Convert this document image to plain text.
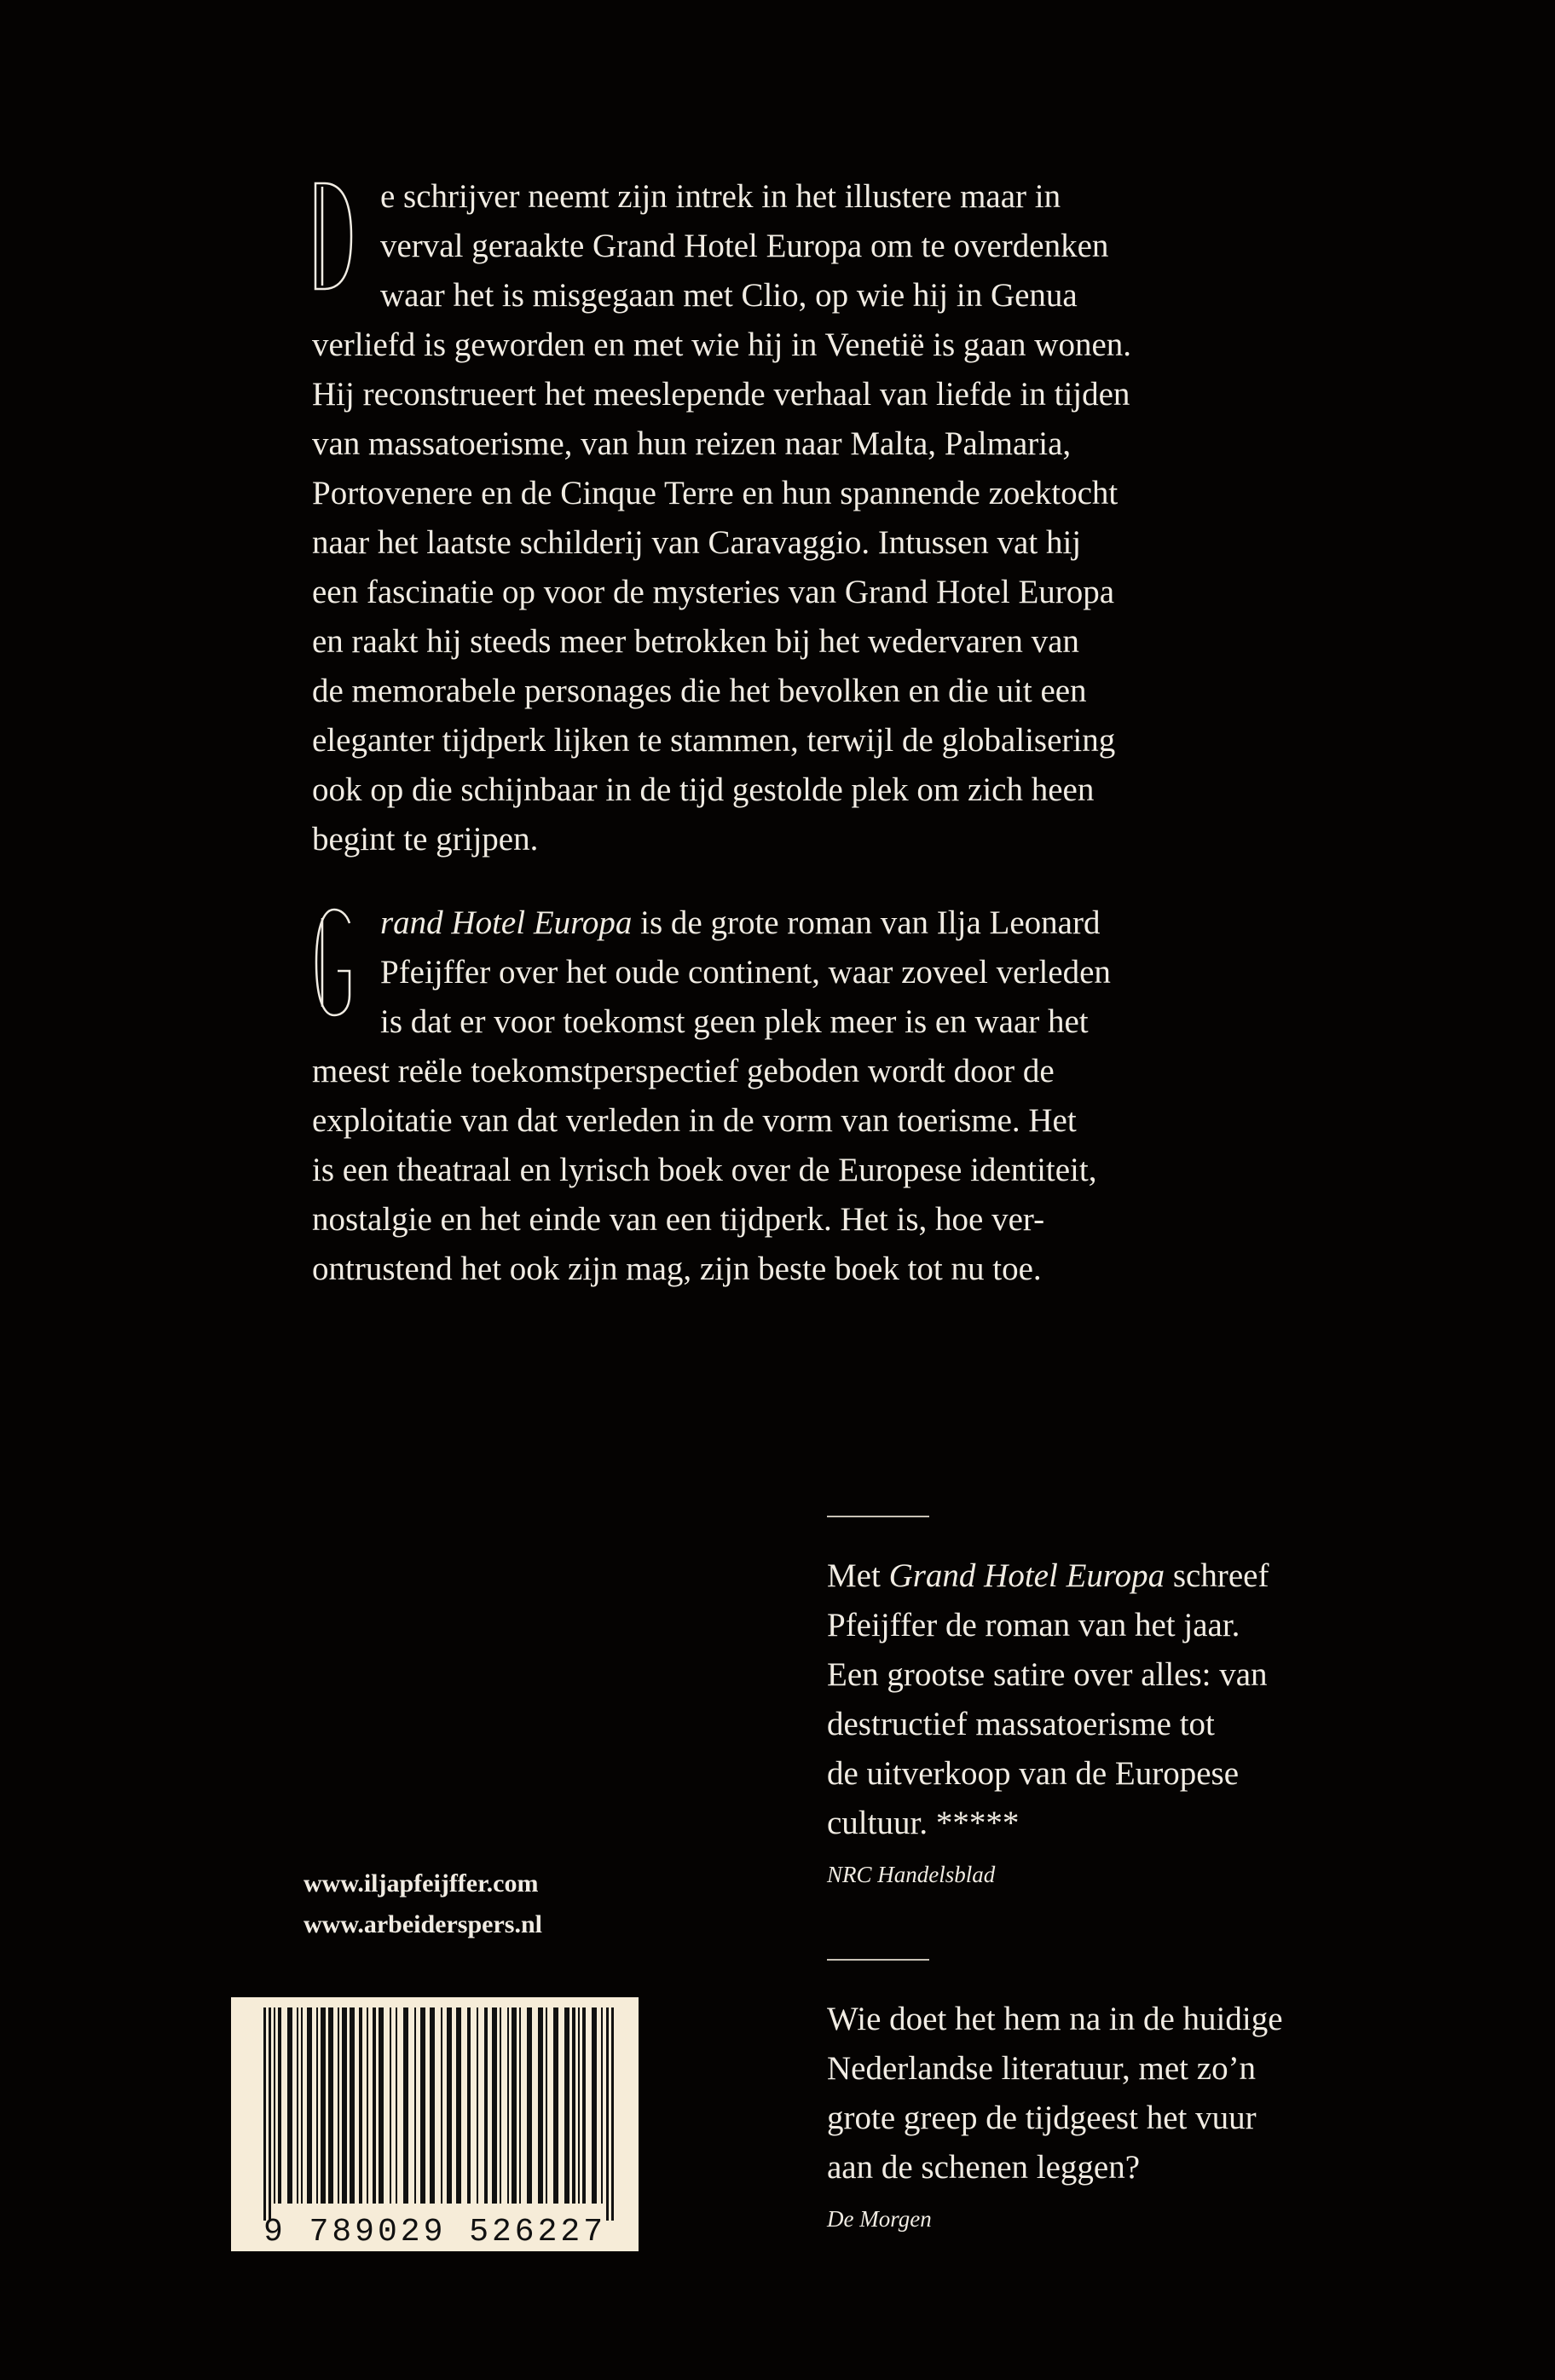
e schrijver neemt zijn intrek in het illustere maar in
verval geraakte Grand Hotel Europa om te overdenken
waar het is misgegaan met Clio, op wie hij in Genua
verliefd is geworden en met wie hij in Venetië is gaan wonen.
Hij reconstrueert het meeslepende verhaal van liefde in tijden
van massatoerisme, van hun reizen naar Malta, Palmaria,
Portovenere en de Cinque Terre en hun spannende zoektocht
naar het laatste schilderij van Caravaggio. Intussen vat hij
een fascinatie op voor de mysteries van Grand Hotel Europa
en raakt hij steeds meer betrokken bij het wedervaren van
de memorabele personages die het bevolken en die uit een
eleganter tijdperk lijken te stammen, terwijl de globalisering
ook op die schijnbaar in de tijd gestolde plek om zich heen
begint te grijpen.
rand Hotel Europa is de grote roman van Ilja Leonard
Pfeijffer over het oude continent, waar zoveel verleden
is dat er voor toekomst geen plek meer is en waar het
meest reële toekomstperspectief geboden wordt door de
exploitatie van dat verleden in de vorm van toerisme. Het
is een theatraal en lyrisch boek over de Europese identiteit,
nostalgie en het einde van een tijdperk. Het is, hoe ver-
ontrustend het ook zijn mag, zijn beste boek tot nu toe.
Met Grand Hotel Europa schreef
Pfeijffer de roman van het jaar.
Een grootse satire over alles: van
destructief massatoerisme tot
de uitverkoop van de Europese
cultuur. *****
NRC Handelsblad
Wie doet het hem na in de huidige
Nederlandse literatuur, met zo’n
grote greep de tijdgeest het vuur
aan de schenen leggen?
De Morgen
www.iljapfeijffer.com
www.arbeiderspers.nl
9 789029 526227
